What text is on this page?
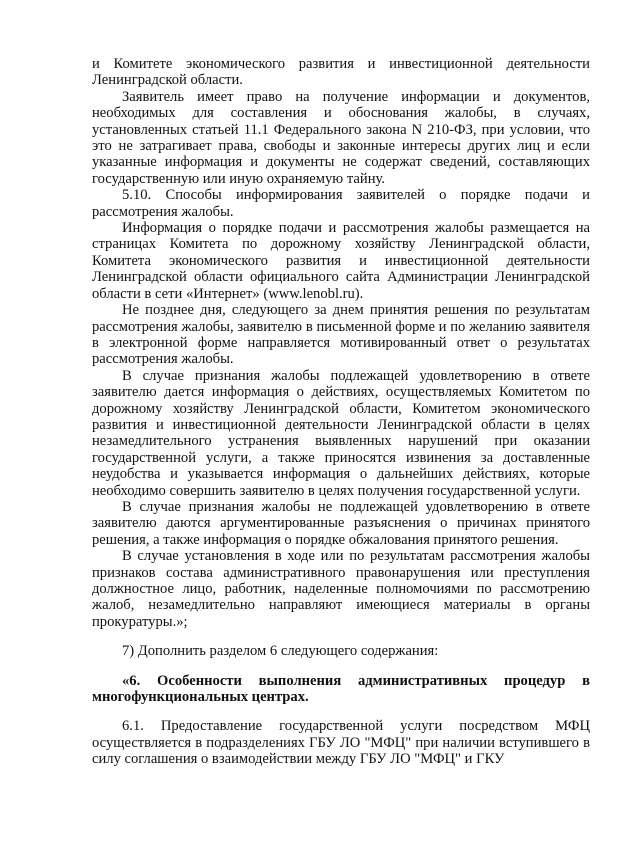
и Комитете экономического развития и инвестиционной деятельности Ленинградской области.

Заявитель имеет право на получение информации и документов, необходимых для составления и обоснования жалобы, в случаях, установленных статьей 11.1 Федерального закона N 210-ФЗ, при условии, что это не затрагивает права, свободы и законные интересы других лиц и если указанные информация и документы не содержат сведений, составляющих государственную или иную охраняемую тайну.

5.10. Способы информирования заявителей о порядке подачи и рассмотрения жалобы.

Информация о порядке подачи и рассмотрения жалобы размещается на страницах Комитета по дорожному хозяйству Ленинградской области, Комитета экономического развития и инвестиционной деятельности Ленинградской области официального сайта Администрации Ленинградской области в сети «Интернет» (www.lenobl.ru).

Не позднее дня, следующего за днем принятия решения по результатам рассмотрения жалобы, заявителю в письменной форме и по желанию заявителя в электронной форме направляется мотивированный ответ о результатах рассмотрения жалобы.

В случае признания жалобы подлежащей удовлетворению в ответе заявителю дается информация о действиях, осуществляемых Комитетом по дорожному хозяйству Ленинградской области, Комитетом экономического развития и инвестиционной деятельности Ленинградской области в целях незамедлительного устранения выявленных нарушений при оказании государственной услуги, а также приносятся извинения за доставленные неудобства и указывается информация о дальнейших действиях, которые необходимо совершить заявителю в целях получения государственной услуги.

В случае признания жалобы не подлежащей удовлетворению в ответе заявителю даются аргументированные разъяснения о причинах принятого решения, а также информация о порядке обжалования принятого решения.

В случае установления в ходе или по результатам рассмотрения жалобы признаков состава административного правонарушения или преступления должностное лицо, работник, наделенные полномочиями по рассмотрению жалоб, незамедлительно направляют имеющиеся материалы в органы прокуратуры.»;

7) Дополнить разделом 6 следующего содержания:

«6. Особенности выполнения административных процедур в многофункциональных центрах.

6.1. Предоставление государственной услуги посредством МФЦ осуществляется в подразделениях ГБУ ЛО "МФЦ" при наличии вступившего в силу соглашения о взаимодействии между ГБУ ЛО "МФЦ" и ГКУ
